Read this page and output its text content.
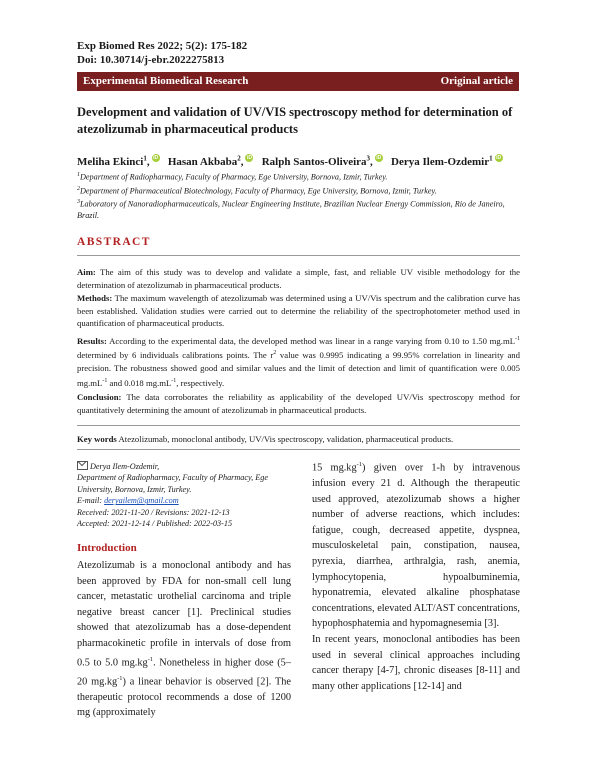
Exp Biomed Res 2022; 5(2): 175-182
Doi: 10.30714/j-ebr.2022275813
Experimental Biomedical Research	Original article
Development and validation of UV/VIS spectroscopy method for determination of atezolizumab in pharmaceutical products
Meliha Ekinci$^1$, iD Hasan Akbaba$^2$, iD Ralph Santos-Oliveira$^3$, iD Derya Ilem-Ozdemir$^1$ iD
$^1$Department of Radiopharmacy, Faculty of Pharmacy, Ege University, Bornova, Izmir, Turkey.
$^2$Department of Pharmaceutical Biotechnology, Faculty of Pharmacy, Ege University, Bornova, Izmir, Turkey.
$^3$Laboratory of Nanoradiopharmaceuticals, Nuclear Engineering Institute, Brazilian Nuclear Energy Commission, Rio de Janeiro, Brazil.
ABSTRACT
Aim: The aim of this study was to develop and validate a simple, fast, and reliable UV visible methodology for the determination of atezolizumab in pharmaceutical products.
Methods: The maximum wavelength of atezolizumab was determined using a UV/Vis spectrum and the calibration curve has been established. Validation studies were carried out to determine the reliability of the spectrophotometer method used in quantification of pharmaceutical products.
Results: According to the experimental data, the developed method was linear in a range varying from 0.10 to 1.50 $mg.mL^{-1}$ determined by 6 individuals calibrations points. The $r^2$ value was 0.9995 indicating a 99.95% correlation in linearity and precision. The robustness showed good and similar values and the limit of detection and limit of quantification were 0.005 $mg.mL^{-1}$ and 0.018 $mg.mL^{-1}$, respectively.
Conclusion: The data corroborates the reliability as applicability of the developed UV/Vis spectroscopy method for quantitatively determining the amount of atezolizumab in pharmaceutical products.
Key words Atezolizumab, monoclonal antibody, UV/Vis spectroscopy, validation, pharmaceutical products.
Derya Ilem-Ozdemir,
Department of Radiopharmacy, Faculty of Pharmacy, Ege University, Bornova, Izmir, Turkey.
E-mail: deryailem@gmail.com
Received: 2021-11-20 / Revisions: 2021-12-13
Accepted: 2021-12-14 / Published: 2022-03-15
Introduction

Atezolizumab is a monoclonal antibody and has been approved by FDA for non-small cell lung cancer, metastatic urothelial carcinoma and triple negative breast cancer [1]. Preclinical studies showed that atezolizumab has a dose-dependent pharmacokinetic profile in intervals of dose from 0.5 to 5.0 $mg.kg^{-1}$. Nonetheless in higher dose (5–20 $mg.kg^{-1}$) a linear behavior is observed [2]. The therapeutic protocol recommends a dose of 1200 mg (approximately

15 $mg.kg^{-1}$) given over 1-h by intravenous infusion every 21 d. Although the therapeutic used approved, atezolizumab shows a higher number of adverse reactions, which includes: fatigue, cough, decreased appetite, dyspnea, musculoskeletal pain, constipation, nausea, pyrexia, diarrhea, arthralgia, rash, anemia, lymphocytopenia, hypoalbuminemia, hyponatremia, elevated alkaline phosphatase concentrations, elevated ALT/AST concentrations, hypophosphatemia and hypomagnesemia [3].

In recent years, monoclonal antibodies has been used in several clinical approaches including cancer therapy [4-7], chronic diseases [8-11] and many other applications [12-14] and
